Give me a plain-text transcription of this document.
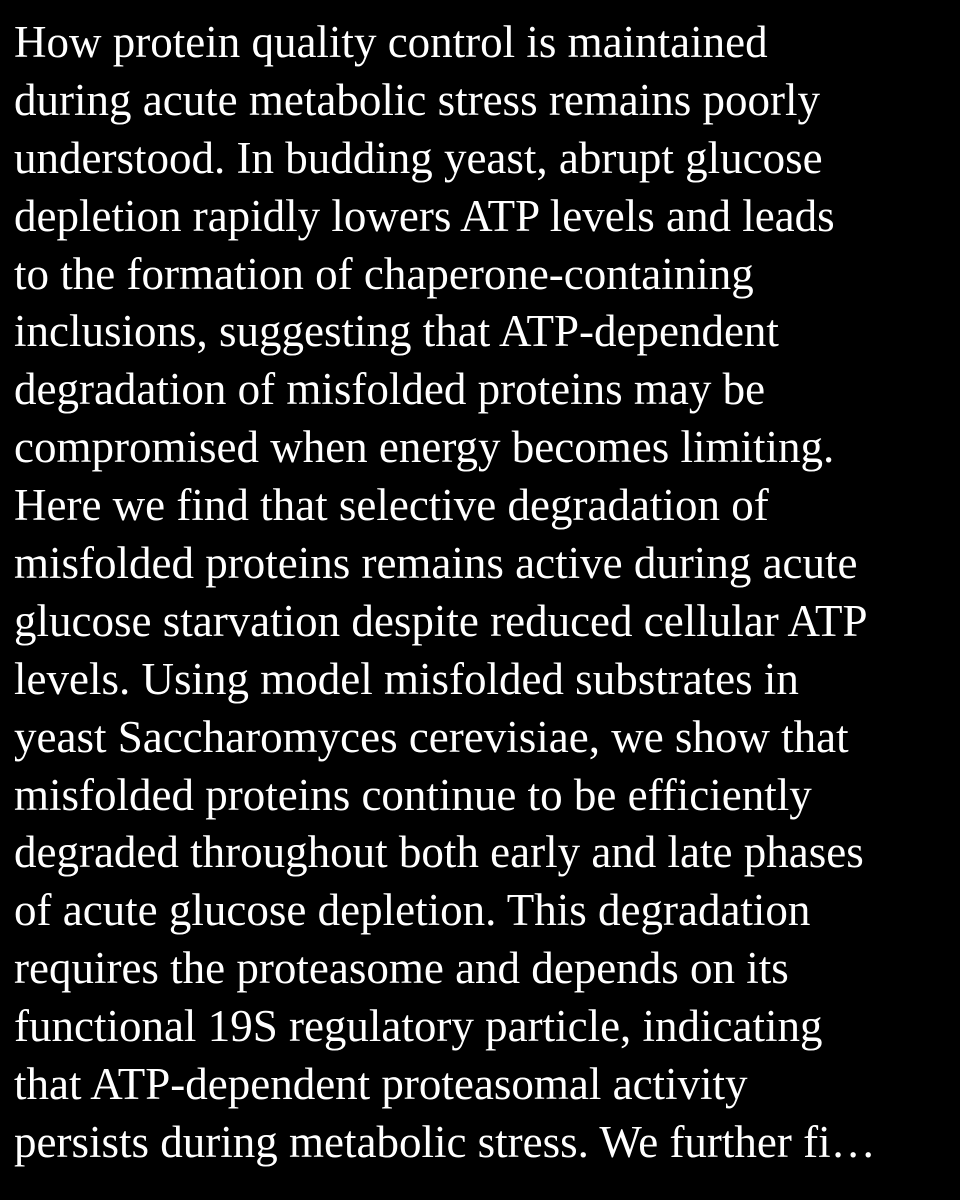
How protein quality control is maintained
during acute metabolic stress remains poorly
understood. In budding yeast, abrupt glucose
depletion rapidly lowers ATP levels and leads
to the formation of chaperone-containing
inclusions, suggesting that ATP-dependent
degradation of misfolded proteins may be
compromised when energy becomes limiting.
Here we find that selective degradation of
misfolded proteins remains active during acute
glucose starvation despite reduced cellular ATP
levels. Using model misfolded substrates in
yeast Saccharomyces cerevisiae, we show that
misfolded proteins continue to be efficiently
degraded throughout both early and late phases
of acute glucose depletion. This degradation
requires the proteasome and depends on its
functional 19S regulatory particle, indicating
that ATP-dependent proteasomal activity
persists during metabolic stress. We further fi…
